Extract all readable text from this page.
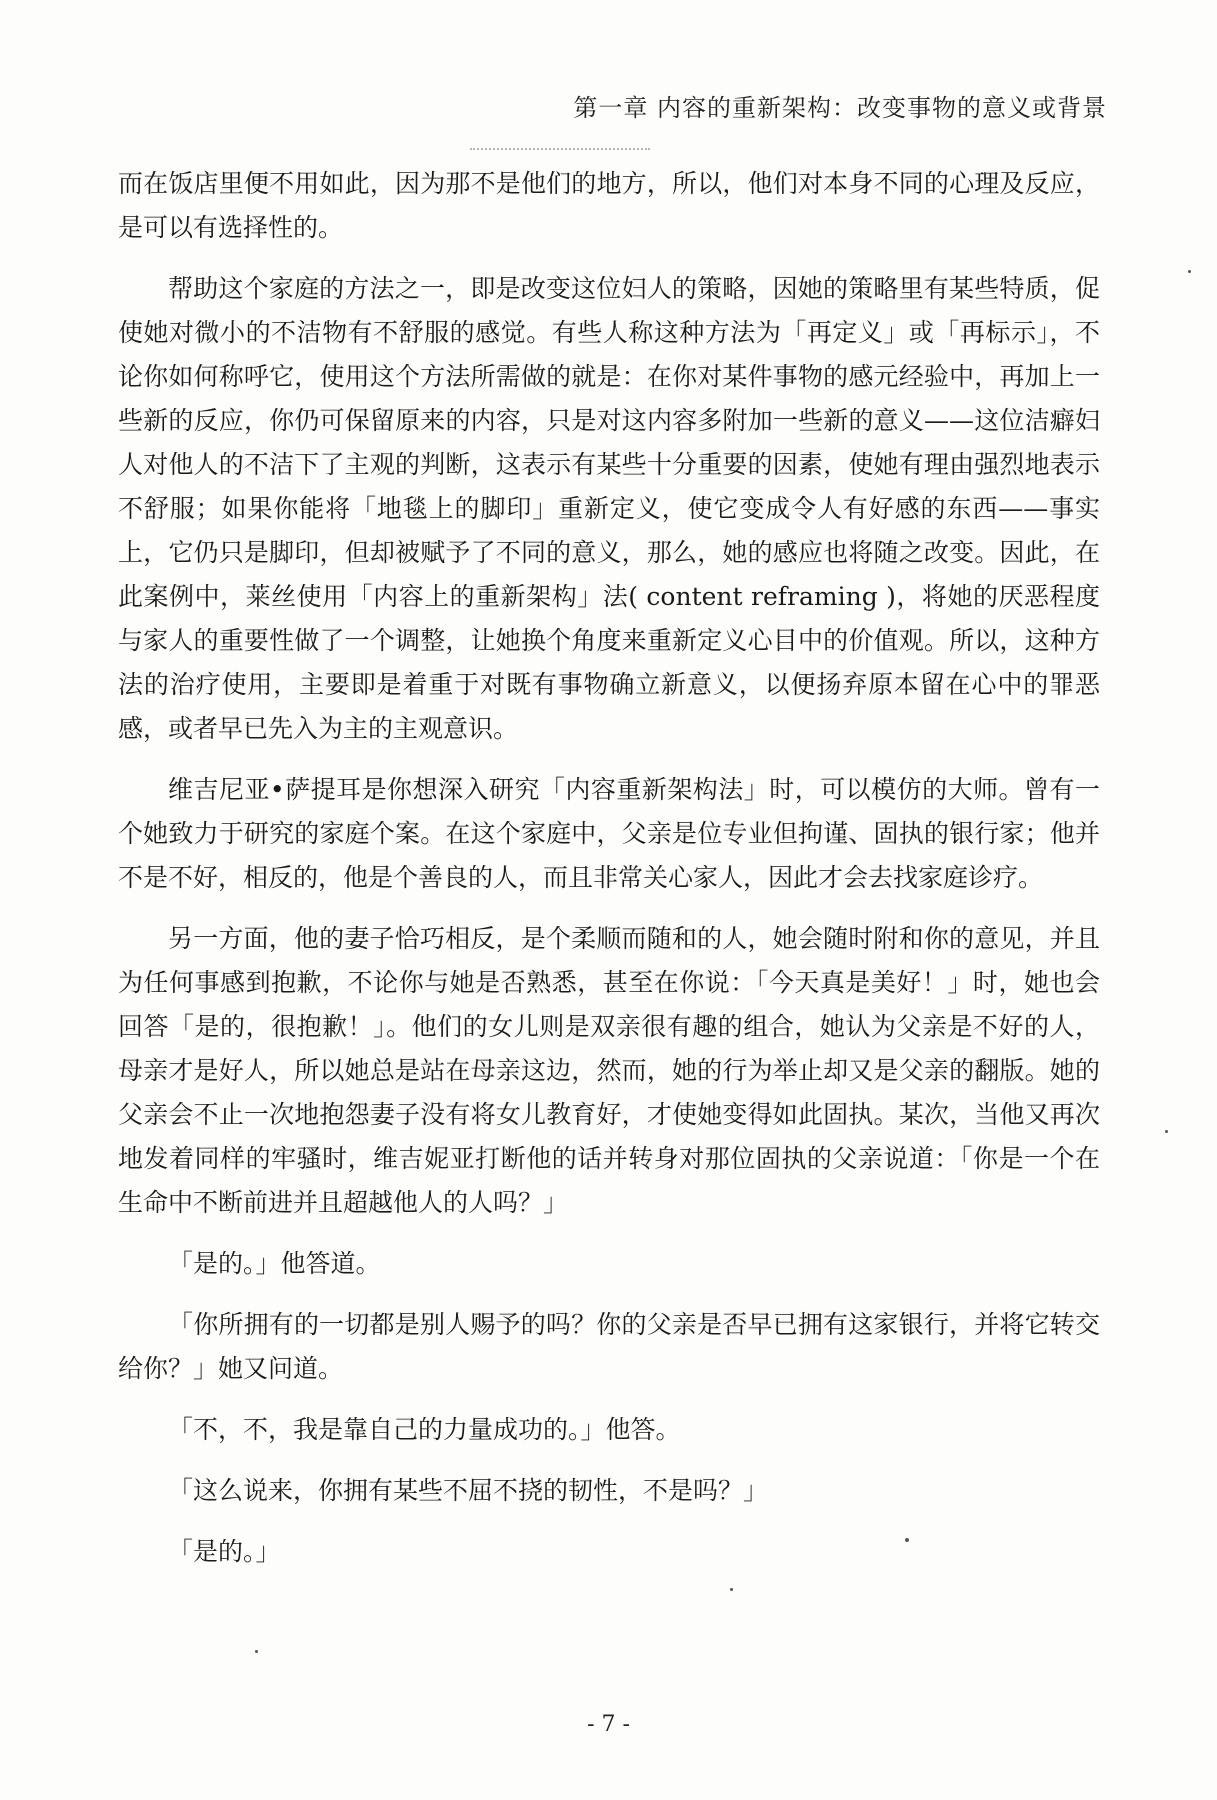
第一章 内容的重新架构：改变事物的意义或背景

而在饭店里便不用如此，因为那不是他们的地方，所以，他们对本身不同的心理及反应，是可以有选择性的。

帮助这个家庭的方法之一，即是改变这位妇人的策略，因她的策略里有某些特质，促使她对微小的不洁物有不舒服的感觉。有些人称这种方法为「再定义」或「再标示」，不论你如何称呼它，使用这个方法所需做的就是：在你对某件事物的感元经验中，再加上一些新的反应，你仍可保留原来的内容，只是对这内容多附加一些新的意义——这位洁癖妇人对他人的不洁下了主观的判断，这表示有某些十分重要的因素，使她有理由强烈地表示不舒服；如果你能将「地毯上的脚印」重新定义，使它变成令人有好感的东西——事实上，它仍只是脚印，但却被赋予了不同的意义，那么，她的感应也将随之改变。因此，在此案例中，莱丝使用「内容上的重新架构」法( content reframing )，将她的厌恶程度与家人的重要性做了一个调整，让她换个角度来重新定义心目中的价值观。所以，这种方法的治疗使用，主要即是着重于对既有事物确立新意义，以便扬弃原本留在心中的罪恶感，或者早已先入为主的主观意识。

维吉尼亚•萨提耳是你想深入研究「内容重新架构法」时，可以模仿的大师。曾有一个她致力于研究的家庭个案。在这个家庭中，父亲是位专业但拘谨、固执的银行家；他并不是不好，相反的，他是个善良的人，而且非常关心家人，因此才会去找家庭诊疗。

另一方面，他的妻子恰巧相反，是个柔顺而随和的人，她会随时附和你的意见，并且为任何事感到抱歉，不论你与她是否熟悉，甚至在你说：「今天真是美好！」时，她也会回答「是的，很抱歉！」。他们的女儿则是双亲很有趣的组合，她认为父亲是不好的人，母亲才是好人，所以她总是站在母亲这边，然而，她的行为举止却又是父亲的翻版。她的父亲会不止一次地抱怨妻子没有将女儿教育好，才使她变得如此固执。某次，当他又再次地发着同样的牢骚时，维吉妮亚打断他的话并转身对那位固执的父亲说道：「你是一个在生命中不断前进并且超越他人的人吗？」

「是的。」他答道。

「你所拥有的一切都是别人赐予的吗？你的父亲是否早已拥有这家银行，并将它转交给你？」她又问道。

「不，不，我是靠自己的力量成功的。」他答。

「这么说来，你拥有某些不屈不挠的韧性，不是吗？」

「是的。」

- 7 -
